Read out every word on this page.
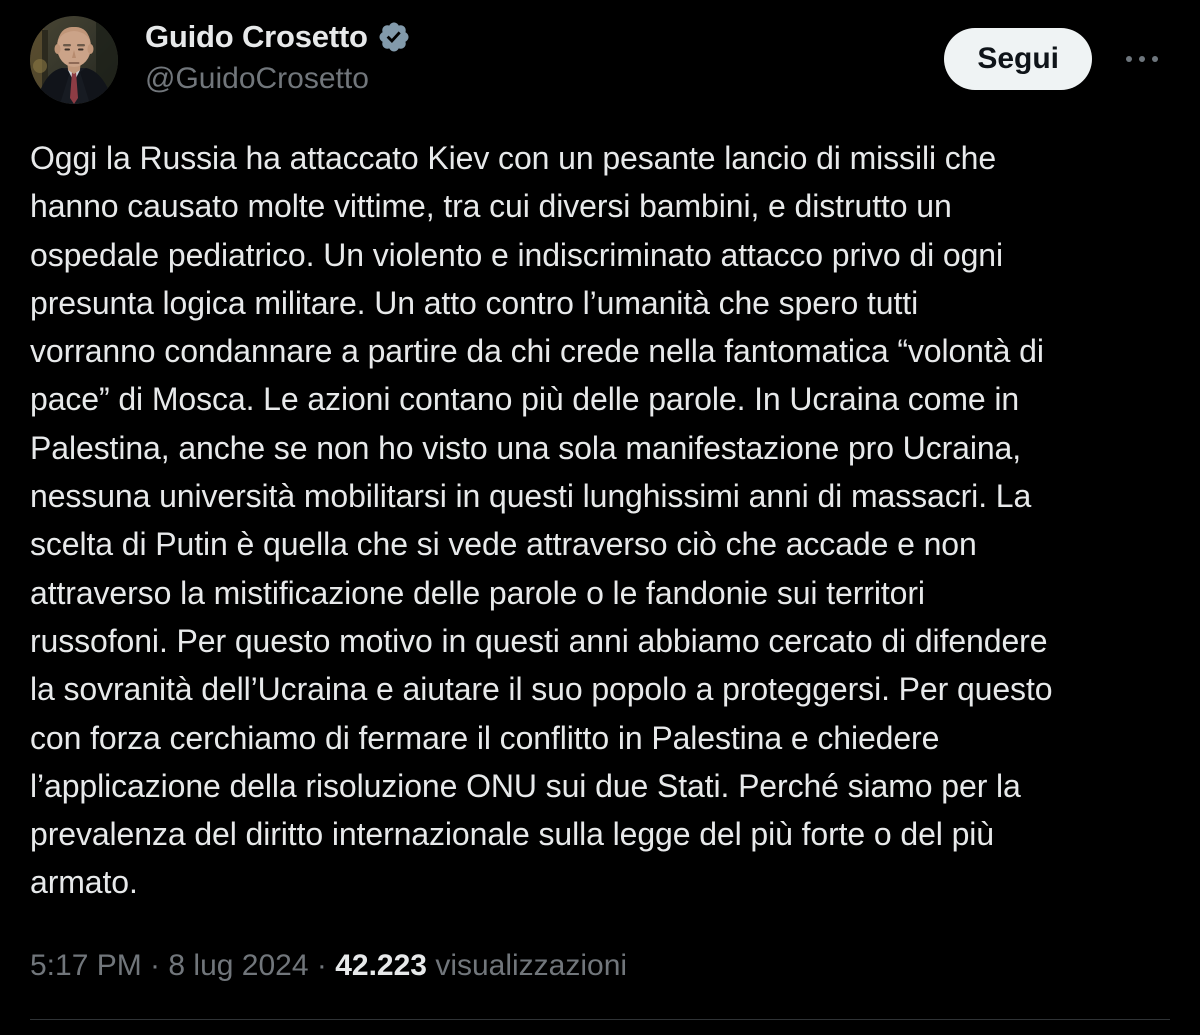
Guido Crosetto
@GuidoCrosetto
Segui
Oggi la Russia ha attaccato Kiev con un pesante lancio di missili che
hanno causato molte vittime, tra cui diversi bambini, e distrutto un
ospedale pediatrico. Un violento e indiscriminato attacco privo di ogni
presunta logica militare. Un atto contro l’umanità che spero tutti
vorranno condannare a partire da chi crede nella fantomatica “volontà di
pace” di Mosca. Le azioni contano più delle parole. In Ucraina come in
Palestina, anche se non ho visto una sola manifestazione pro Ucraina,
nessuna università mobilitarsi in questi lunghissimi anni di massacri. La
scelta di Putin è quella che si vede attraverso ciò che accade e non
attraverso la mistificazione delle parole o le fandonie sui territori
russofoni. Per questo motivo in questi anni abbiamo cercato di difendere
la sovranità dell’Ucraina e aiutare il suo popolo a proteggersi. Per questo
con forza cerchiamo di fermare il conflitto in Palestina e chiedere
l’applicazione della risoluzione ONU sui due Stati. Perché siamo per la
prevalenza del diritto internazionale sulla legge del più forte o del più
armato.
5:17 PM · 8 lug 2024 · 42.223 visualizzazioni
